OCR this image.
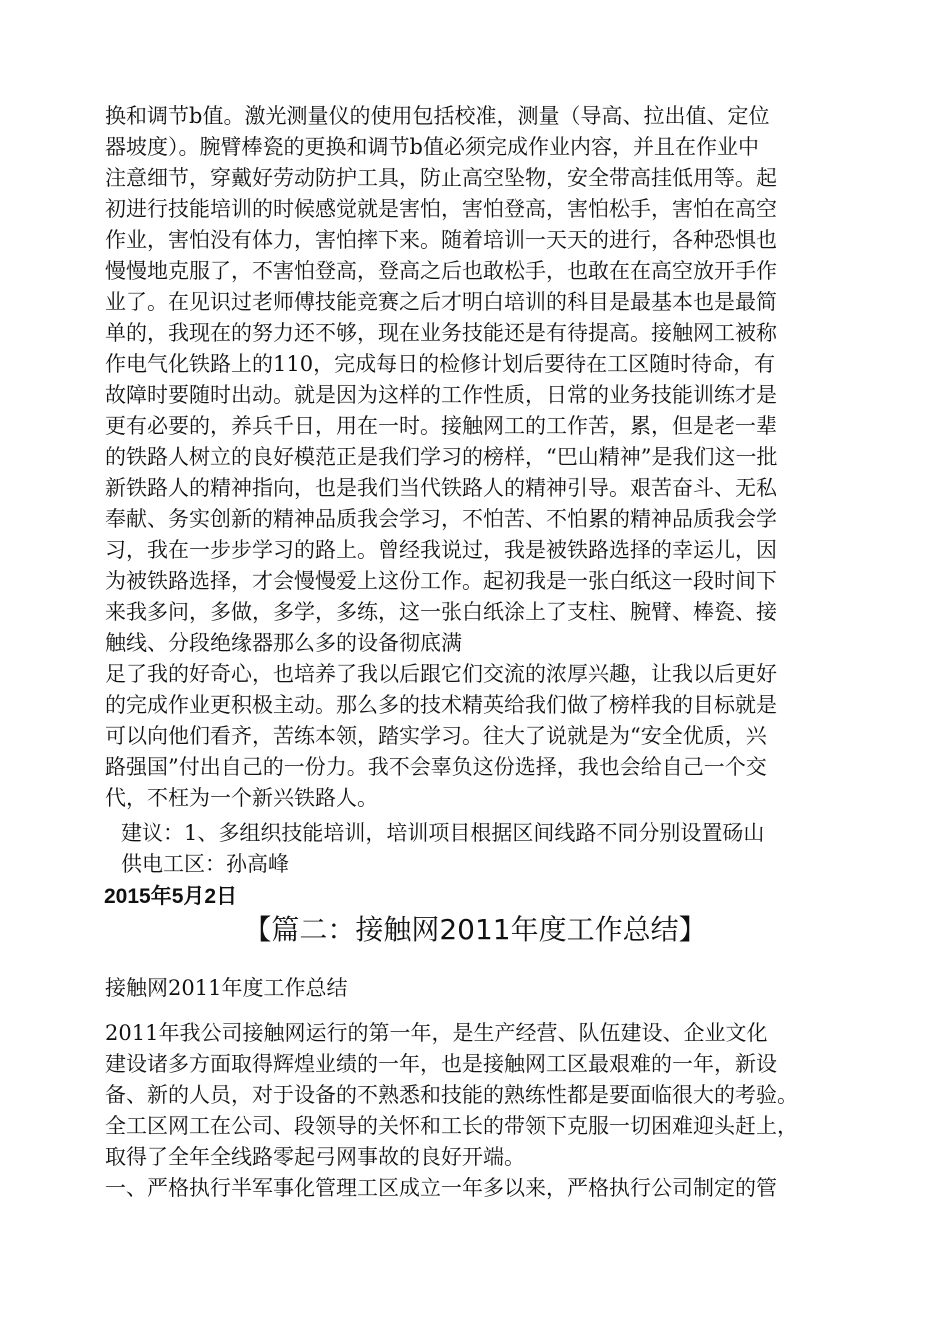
换和调节b值。激光测量仪的使用包括校准，测量（导高、拉出值、定位
器坡度）。腕臂棒瓷的更换和调节b值必须完成作业内容，并且在作业中
注意细节，穿戴好劳动防护工具，防止高空坠物，安全带高挂低用等。起
初进行技能培训的时候感觉就是害怕，害怕登高，害怕松手，害怕在高空
作业，害怕没有体力，害怕摔下来。随着培训一天天的进行，各种恐惧也
慢慢地克服了，不害怕登高，登高之后也敢松手，也敢在在高空放开手作
业了。在见识过老师傅技能竞赛之后才明白培训的科目是最基本也是最简
单的，我现在的努力还不够，现在业务技能还是有待提高。接触网工被称
作电气化铁路上的110，完成每日的检修计划后要待在工区随时待命，有
故障时要随时出动。就是因为这样的工作性质，日常的业务技能训练才是
更有必要的，养兵千日，用在一时。接触网工的工作苦，累，但是老一辈
的铁路人树立的良好模范正是我们学习的榜样，“巴山精神”是我们这一批
新铁路人的精神指向，也是我们当代铁路人的精神引导。艰苦奋斗、无私
奉献、务实创新的精神品质我会学习，不怕苦、不怕累的精神品质我会学
习，我在一步步学习的路上。曾经我说过，我是被铁路选择的幸运儿，因
为被铁路选择，才会慢慢爱上这份工作。起初我是一张白纸这一段时间下
来我多问，多做，多学，多练，这一张白纸涂上了支柱、腕臂、棒瓷、接
触线、分段绝缘器那么多的设备彻底满
足了我的好奇心，也培养了我以后跟它们交流的浓厚兴趣，让我以后更好
的完成作业更积极主动。那么多的技术精英给我们做了榜样我的目标就是
可以向他们看齐，苦练本领，踏实学习。往大了说就是为“安全优质，兴
路强国”付出自己的一份力。我不会辜负这份选择，我也会给自己一个交
代，不枉为一个新兴铁路人。
建议：1、多组织技能培训，培训项目根据区间线路不同分别设置砀山
供电工区：孙高峰
2015年5月2日
【篇二：接触网2011年度工作总结】
接触网2011年度工作总结
2011年我公司接触网运行的第一年，是生产经营、队伍建设、企业文化
建设诸多方面取得辉煌业绩的一年，也是接触网工区最艰难的一年，新设
备、新的人员，对于设备的不熟悉和技能的熟练性都是要面临很大的考验。
全工区网工在公司、段领导的关怀和工长的带领下克服一切困难迎头赶上，
取得了全年全线路零起弓网事故的良好开端。
一、严格执行半军事化管理工区成立一年多以来，严格执行公司制定的管
